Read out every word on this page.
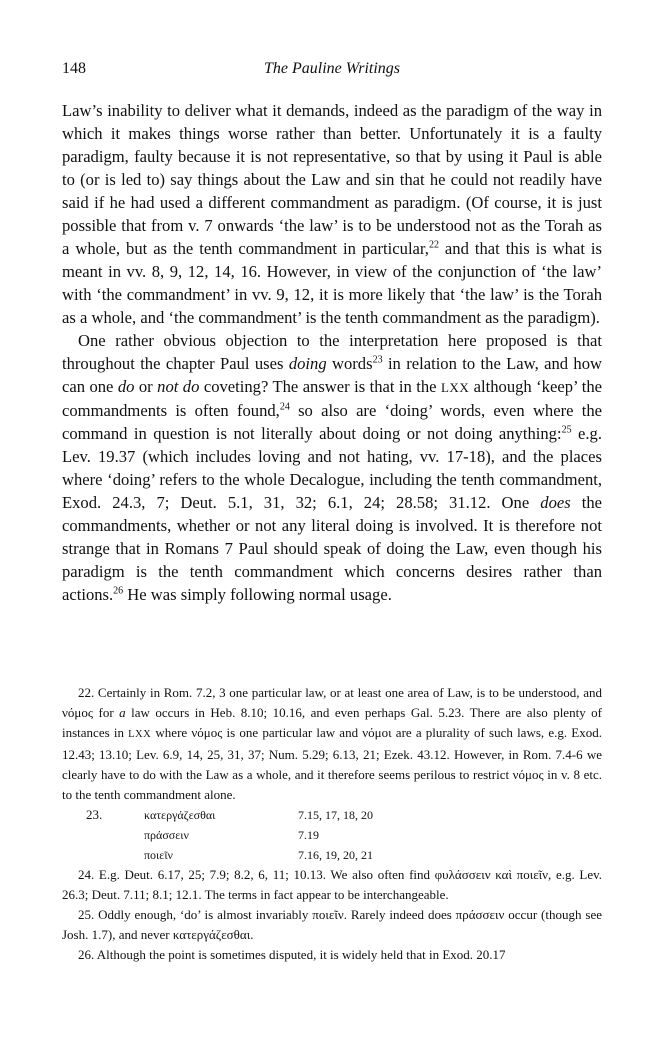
148	The Pauline Writings

Law’s inability to deliver what it demands, indeed as the paradigm of the way in which it makes things worse rather than better. Unfortunately it is a faulty paradigm, faulty because it is not representative, so that by using it Paul is able to (or is led to) say things about the Law and sin that he could not readily have said if he had used a different commandment as paradigm. (Of course, it is just possible that from v. 7 onwards ‘the law’ is to be understood not as the Torah as a whole, but as the tenth commandment in particular,$^{22}$ and that this is what is meant in vv. 8, 9, 12, 14, 16. However, in view of the conjunction of ‘the law’ with ‘the commandment’ in vv. 9, 12, it is more likely that ‘the law’ is the Torah as a whole, and ‘the commandment’ is the tenth commandment as the paradigm).

One rather obvious objection to the interpretation here proposed is that throughout the chapter Paul uses doing words$^{23}$ in relation to the Law, and how can one do or not do coveting? The answer is that in the LXX although ‘keep’ the commandments is often found,$^{24}$ so also are ‘doing’ words, even where the command in question is not literally about doing or not doing anything:$^{25}$ e.g. Lev. 19.37 (which includes loving and not hating, vv. 17-18), and the places where ‘doing’ refers to the whole Decalogue, including the tenth commandment, Exod. 24.3, 7; Deut. 5.1, 31, 32; 6.1, 24; 28.58; 31.12. One does the commandments, whether or not any literal doing is involved. It is therefore not strange that in Romans 7 Paul should speak of doing the Law, even though his paradigm is the tenth commandment which concerns desires rather than actions.$^{26}$ He was simply following normal usage.

22. Certainly in Rom. 7.2, 3 one particular law, or at least one area of Law, is to be understood, and νόμος for a law occurs in Heb. 8.10; 10.16, and even perhaps Gal. 5.23. There are also plenty of instances in LXX where νόμος is one particular law and νόμοι are a plurality of such laws, e.g. Exod. 12.43; 13.10; Lev. 6.9, 14, 25, 31, 37; Num. 5.29; 6.13, 21; Ezek. 43.12. However, in Rom. 7.4-6 we clearly have to do with the Law as a whole, and it therefore seems perilous to restrict νόμος in v. 8 etc. to the tenth commandment alone.

23.	κατεργάζεσθαι	7.15, 17, 18, 20
πράσσειν	7.19
ποιεῖν	7.16, 19, 20, 21

24. E.g. Deut. 6.17, 25; 7.9; 8.2, 6, 11; 10.13. We also often find φυλάσσειν καὶ ποιεῖν, e.g. Lev. 26.3; Deut. 7.11; 8.1; 12.1. The terms in fact appear to be interchangeable.

25. Oddly enough, ‘do’ is almost invariably ποιεῖν. Rarely indeed does πράσσειν occur (though see Josh. 1.7), and never κατεργάζεσθαι.

26. Although the point is sometimes disputed, it is widely held that in Exod. 20.17
